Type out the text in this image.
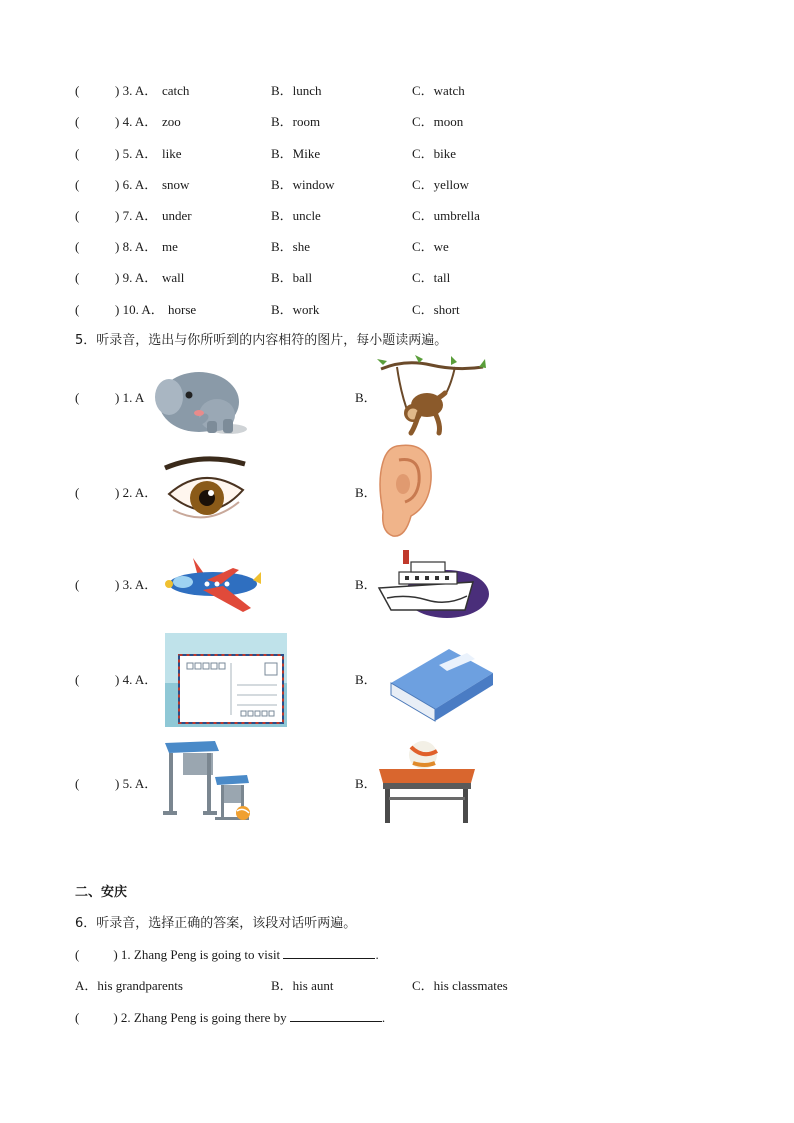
(	) 3. A． catch	B．lunch	C．watch
(	) 4. A． zoo	B．room	C．moon
(	) 5. A． like	B．Mike	C．bike
(	) 6. A． snow	B．window	C．yellow
(	) 7. A． under	B．uncle	C．umbrella
(	) 8. A． me	B．she	C．we
(	) 9. A． wall	B．ball	C．tall
(	) 10. A． horse	B．work	C．short
5．听录音，选出与你所听到的内容相符的图片，每小题读两遍。
(	) 1. A	B．
(	) 2. A．	B．
(	) 3. A．	B．
(	) 4. A．	B．
(	) 5. A．	B．
二、安庆
6．听录音，选择正确的答案，该段对话听两遍。
(	) 1. Zhang Peng is going to visit	.
A．his grandparents	B．his aunt	C．his classmates
(	) 2. Zhang Peng is going there by	.
